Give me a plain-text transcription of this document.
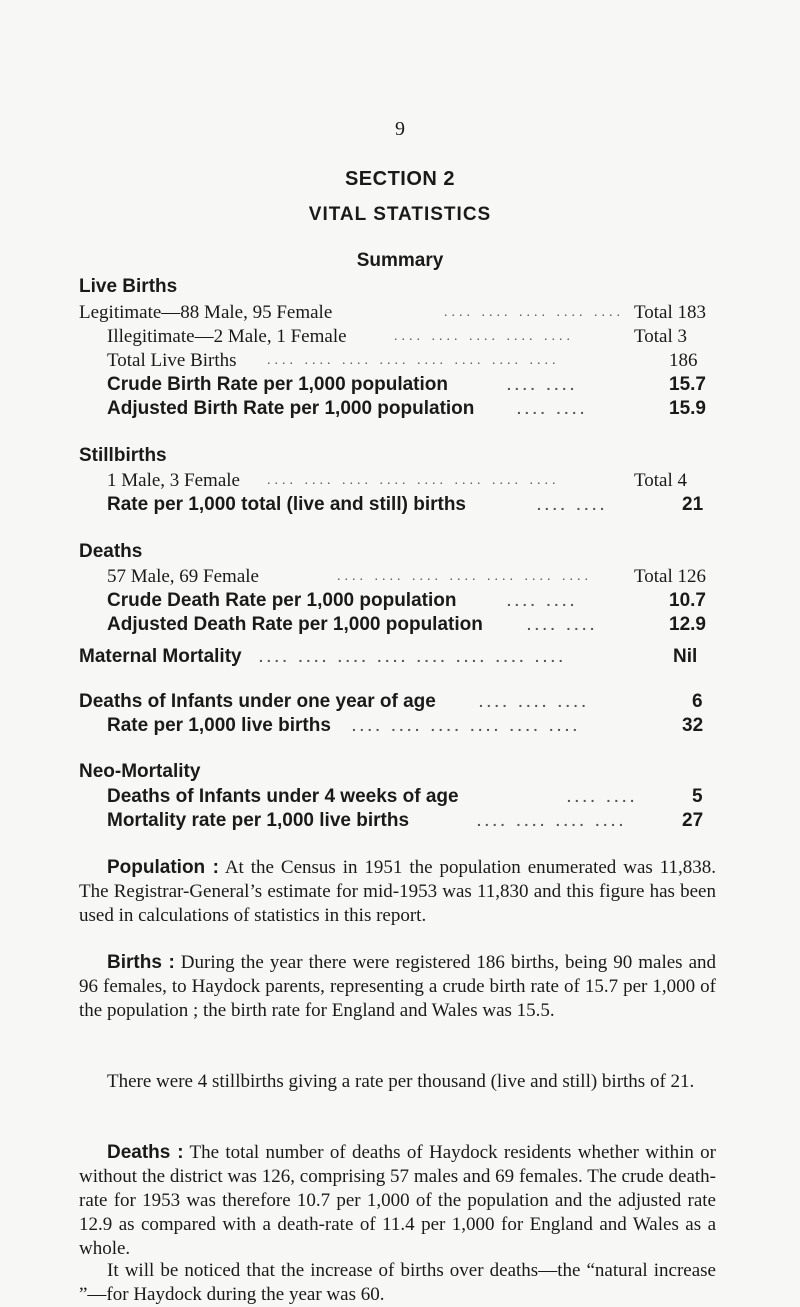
9
SECTION 2
VITAL STATISTICS
Summary
Live Births
Legitimate—88 Male, 95 Female	.... .... .... .... .... Total 183
Illegitimate—2 Male, 1 Female	.... .... .... .... ....	Total 3
Total Live Births .... .... .... .... .... .... .... ....	186
Crude Birth Rate per 1,000 population	.... ....	15.7
Adjusted Birth Rate per 1,000 population	.... ....	15.9
Stillbirths
1 Male, 3 Female .... .... .... .... .... .... .... ....	Total 4
Rate per 1,000 total (live and still) births	.... ....	21
Deaths
57 Male, 69 Female	.... .... .... .... .... .... .... Total 126
Crude Death Rate per 1,000 population	.... ....	10.7
Adjusted Death Rate per 1,000 population	.... ....	12.9
Maternal Mortality .... .... .... .... .... .... .... ....	Nil
Deaths of Infants under one year of age	.... .... ....	6
Rate per 1,000 live births .... .... .... .... .... ....	32
Neo-Mortality
Deaths of Infants under 4 weeks of age	.... ....	5
Mortality rate per 1,000 live births	.... .... .... ....	27
Population : At the Census in 1951 the population enumerated was 11,838. The Registrar-General’s estimate for mid-1953 was 11,830 and this figure has been used in calculations of statistics in this report.
Births : During the year there were registered 186 births, being 90 males and 96 females, to Haydock parents, representing a crude birth rate of 15.7 per 1,000 of the population ; the birth rate for England and Wales was 15.5.
There were 4 stillbirths giving a rate per thousand (live and still) births of 21.
Deaths : The total number of deaths of Haydock residents whether within or without the district was 126, comprising 57 males and 69 females. The crude death-rate for 1953 was therefore 10.7 per 1,000 of the population and the adjusted rate 12.9 as compared with a death-rate of 11.4 per 1,000 for England and Wales as a whole.
It will be noticed that the increase of births over deaths—the “natural increase ”—for Haydock during the year was 60.
